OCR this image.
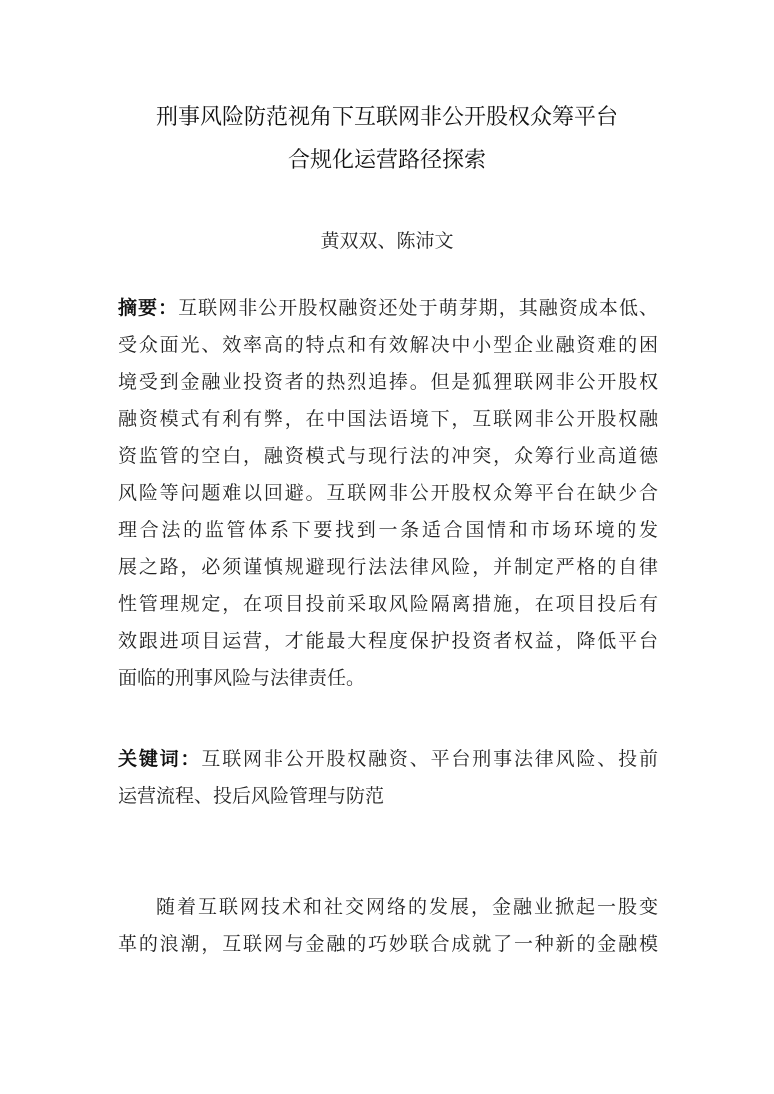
刑事风险防范视角下互联网非公开股权众筹平台
合规化运营路径探索
黄双双、陈沛文
摘要：互联网非公开股权融资还处于萌芽期，其融资成本低、
受众面光、效率高的特点和有效解决中小型企业融资难的困
境受到金融业投资者的热烈追捧。但是狐狸联网非公开股权
融资模式有利有弊，在中国法语境下，互联网非公开股权融
资监管的空白，融资模式与现行法的冲突，众筹行业高道德
风险等问题难以回避。互联网非公开股权众筹平台在缺少合
理合法的监管体系下要找到一条适合国情和市场环境的发
展之路，必须谨慎规避现行法法律风险，并制定严格的自律
性管理规定，在项目投前采取风险隔离措施，在项目投后有
效跟进项目运营，才能最大程度保护投资者权益，降低平台
面临的刑事风险与法律责任。
关键词：互联网非公开股权融资、平台刑事法律风险、投前
运营流程、投后风险管理与防范
随着互联网技术和社交网络的发展，金融业掀起一股变
革的浪潮，互联网与金融的巧妙联合成就了一种新的金融模
